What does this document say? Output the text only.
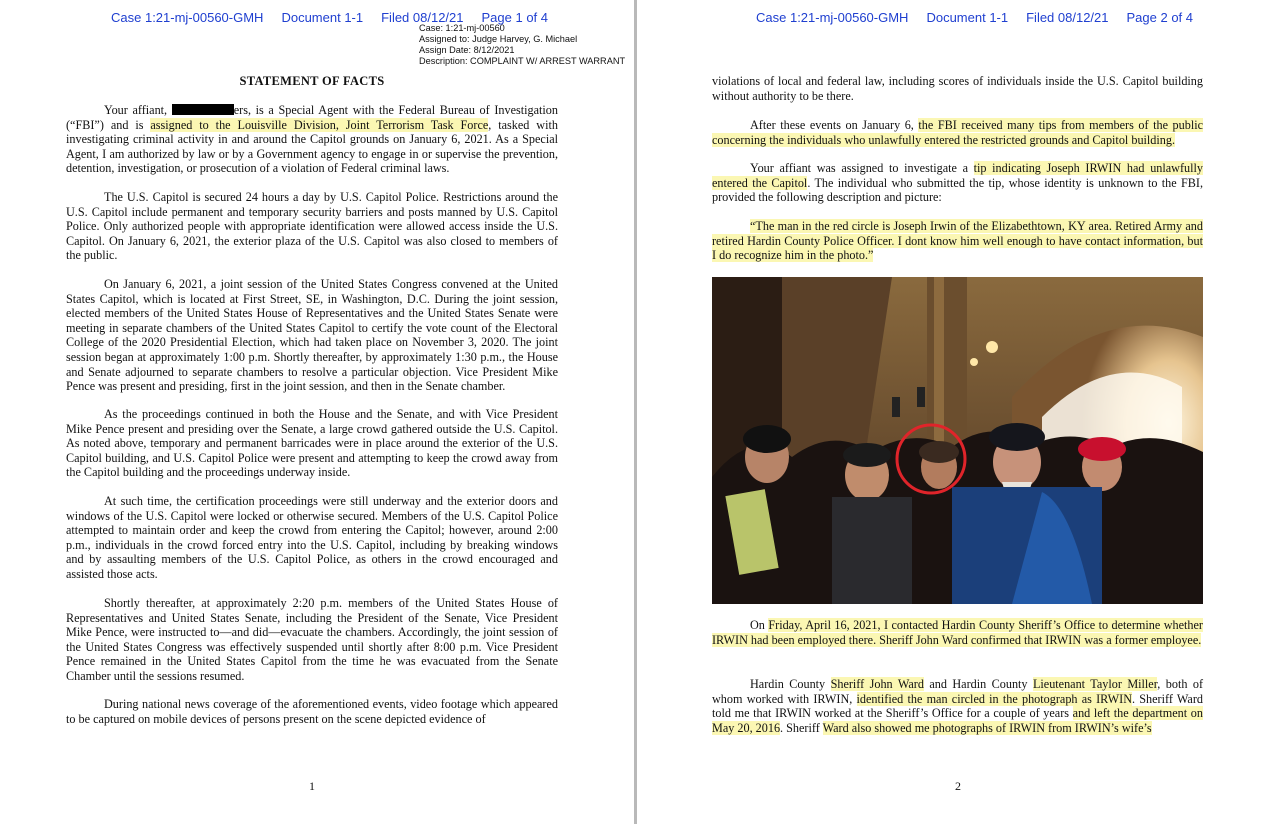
Case 1:21-mj-00560-GMH Document 1-1 Filed 08/12/21 Page 1 of 4
Case: 1:21-mj-00560
Assigned to: Judge Harvey, G. Michael
Assign Date: 8/12/2021
Description: COMPLAINT W/ ARREST WARRANT
STATEMENT OF FACTS

Your affiant,	ers, is a Special Agent with the Federal Bureau of Investigation (“FBI”) and is assigned to the Louisville Division, Joint Terrorism Task Force, tasked with investigating criminal activity in and around the Capitol grounds on January 6, 2021. As a Special Agent, I am authorized by law or by a Government agency to engage in or supervise the prevention, detention, investigation, or prosecution of a violation of Federal criminal laws.

The U.S. Capitol is secured 24 hours a day by U.S. Capitol Police. Restrictions around the U.S. Capitol include permanent and temporary security barriers and posts manned by U.S. Capitol Police. Only authorized people with appropriate identification were allowed access inside the U.S. Capitol. On January 6, 2021, the exterior plaza of the U.S. Capitol was also closed to members of the public.

On January 6, 2021, a joint session of the United States Congress convened at the United States Capitol, which is located at First Street, SE, in Washington, D.C. During the joint session, elected members of the United States House of Representatives and the United States Senate were meeting in separate chambers of the United States Capitol to certify the vote count of the Electoral College of the 2020 Presidential Election, which had taken place on November 3, 2020. The joint session began at approximately 1:00 p.m. Shortly thereafter, by approximately 1:30 p.m., the House and Senate adjourned to separate chambers to resolve a particular objection. Vice President Mike Pence was present and presiding, first in the joint session, and then in the Senate chamber.

As the proceedings continued in both the House and the Senate, and with Vice President Mike Pence present and presiding over the Senate, a large crowd gathered outside the U.S. Capitol. As noted above, temporary and permanent barricades were in place around the exterior of the U.S. Capitol building, and U.S. Capitol Police were present and attempting to keep the crowd away from the Capitol building and the proceedings underway inside.

At such time, the certification proceedings were still underway and the exterior doors and windows of the U.S. Capitol were locked or otherwise secured. Members of the U.S. Capitol Police attempted to maintain order and keep the crowd from entering the Capitol; however, around 2:00 p.m., individuals in the crowd forced entry into the U.S. Capitol, including by breaking windows and by assaulting members of the U.S. Capitol Police, as others in the crowd encouraged and assisted those acts.

Shortly thereafter, at approximately 2:20 p.m. members of the United States House of Representatives and United States Senate, including the President of the Senate, Vice President Mike Pence, were instructed to—and did—evacuate the chambers. Accordingly, the joint session of the United States Congress was effectively suspended until shortly after 8:00 p.m. Vice President Pence remained in the United States Capitol from the time he was evacuated from the Senate Chamber until the sessions resumed.

During national news coverage of the aforementioned events, video footage which appeared to be captured on mobile devices of persons present on the scene depicted evidence of

1
Case 1:21-mj-00560-GMH Document 1-1 Filed 08/12/21 Page 2 of 4

violations of local and federal law, including scores of individuals inside the U.S. Capitol building without authority to be there.

After these events on January 6, the FBI received many tips from members of the public concerning the individuals who unlawfully entered the restricted grounds and Capitol building.

Your affiant was assigned to investigate a tip indicating Joseph IRWIN had unlawfully entered the Capitol. The individual who submitted the tip, whose identity is unknown to the FBI, provided the following description and picture:

“The man in the red circle is Joseph Irwin of the Elizabethtown, KY area. Retired Army and retired Hardin County Police Officer. I dont know him well enough to have contact information, but I do recognize him in the photo.”

On Friday, April 16, 2021, I contacted Hardin County Sheriff’s Office to determine whether IRWIN had been employed there. Sheriff John Ward confirmed that IRWIN was a former employee.

Hardin County Sheriff John Ward and Hardin County Lieutenant Taylor Miller, both of whom worked with IRWIN, identified the man circled in the photograph as IRWIN. Sheriff Ward told me that IRWIN worked at the Sheriff’s Office for a couple of years and left the department on May 20, 2016. Sheriff Ward also showed me photographs of IRWIN from IRWIN’s wife’s

2
